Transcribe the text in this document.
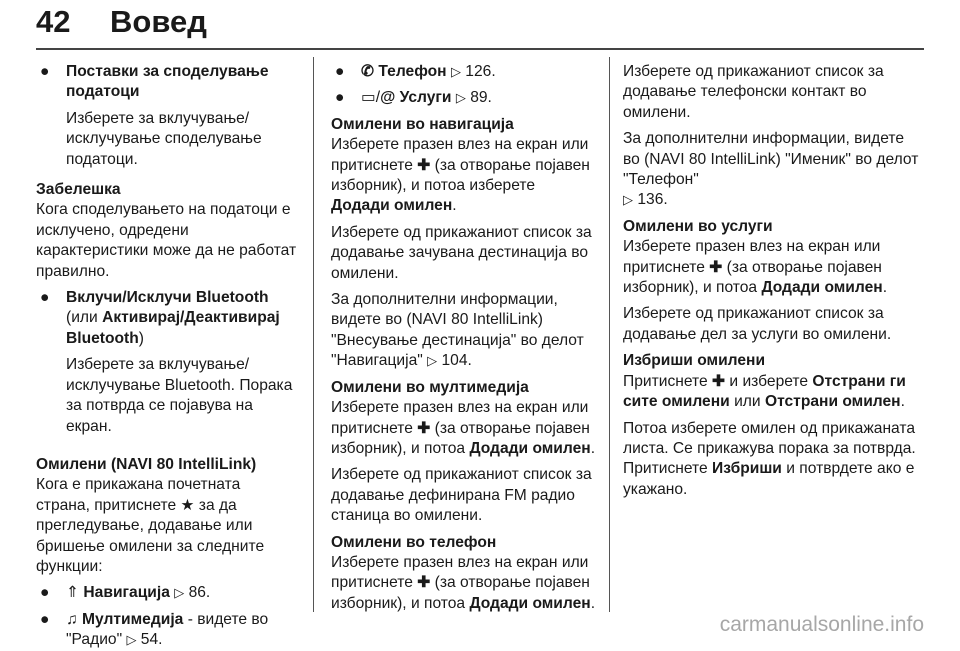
42 Вовед

● Поставки за споделување податоци

Изберете за вклучување/исклучување споделување податоци.

Забелешка

Кога споделувањето на податоци е исклучено, одредени карактеристики може да не работат правилно.

● Вклучи/Исклучи Bluetooth (или Активирај/Деактивирај Bluetooth)

Изберете за вклучување/исклучување Bluetooth. Порака за потврда се појавува на екран.

Омилени (NAVI 80 IntelliLink)

Кога е прикажана почетната страна, притиснете ★ за да прегледување, додавање или бришење омилени за следните функции:

● ⇑ Навигација ▷ 86.

● ♫ Мултимедија - видете во "Радио" ▷ 54.

● ✆ Телефон ▷ 126.

● ▭/@ Услуги ▷ 89.

Омилени во навигација

Изберете празен влез на екран или притиснете ✚ (за отворање појавен изборник), и потоа изберете Додади омилен.

Изберете од прикажаниот список за додавање зачувана дестинација во омилени.

За дополнителни информации, видете во (NAVI 80 IntelliLink) "Внесување дестинација" во делот "Навигација" ▷ 104.

Омилени во мултимедија

Изберете празен влез на екран или притиснете ✚ (за отворање појавен изборник), и потоа Додади омилен.

Изберете од прикажаниот список за додавање дефинирана FM радио станица во омилени.

Омилени во телефон

Изберете празен влез на екран или притиснете ✚ (за отворање појавен изборник), и потоа Додади омилен.

Изберете од прикажаниот список за додавање телефонски контакт во омилени.

За дополнителни информации, видете во (NAVI 80 IntelliLink) "Именик" во делот "Телефон"
▷ 136.

Омилени во услуги

Изберете празен влез на екран или притиснете ✚ (за отворање појавен изборник), и потоа Додади омилен.

Изберете од прикажаниот список за додавање дел за услуги во омилени.

Избриши омилени

Притиснете ✚ и изберете Отстрани ги сите омилени или Отстрани омилен.

Потоа изберете омилен од прикажаната листа. Се прикажува порака за потврда. Притиснете Избриши и потврдете ако е укажано.

carmanualsonline.info
